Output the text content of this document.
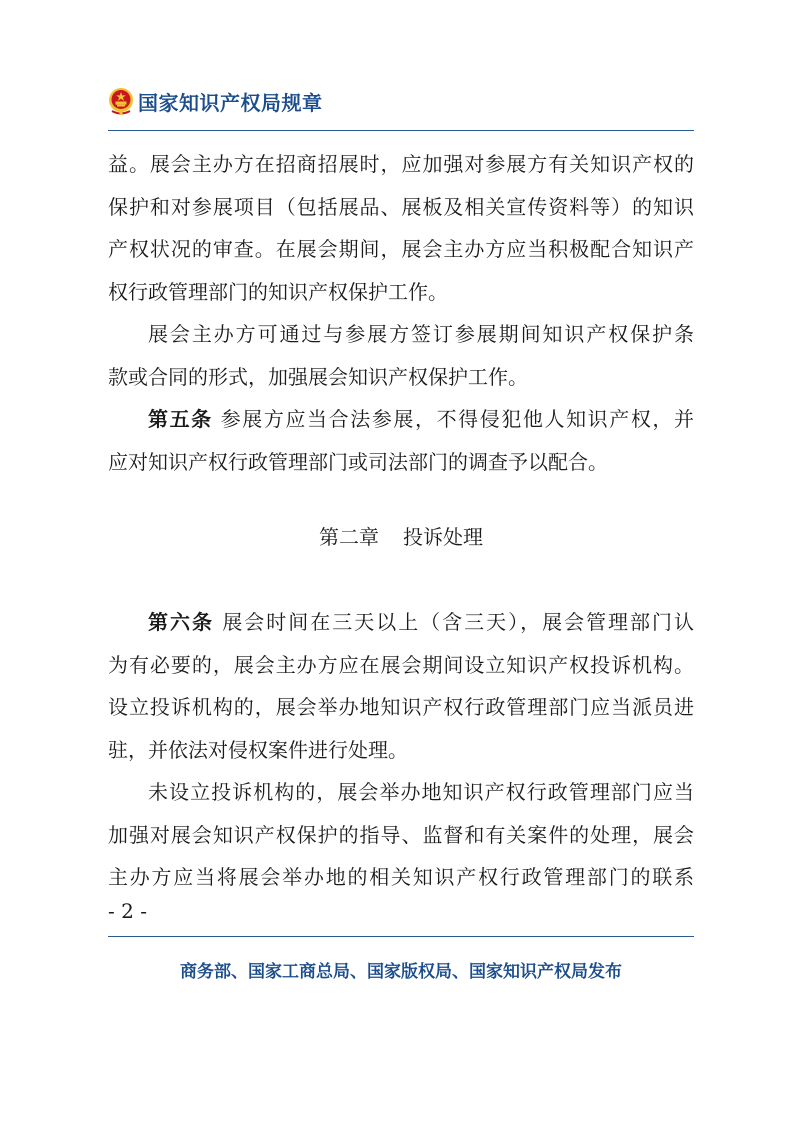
国家知识产权局规章
益。展会主办方在招商招展时，应加强对参展方有关知识产权的
保护和对参展项目（包括展品、展板及相关宣传资料等）的知识
产权状况的审查。在展会期间，展会主办方应当积极配合知识产
权行政管理部门的知识产权保护工作。
展会主办方可通过与参展方签订参展期间知识产权保护条
款或合同的形式，加强展会知识产权保护工作。
第五条 参展方应当合法参展，不得侵犯他人知识产权，并
应对知识产权行政管理部门或司法部门的调查予以配合。
第二章 投诉处理
第六条 展会时间在三天以上（含三天），展会管理部门认
为有必要的，展会主办方应在展会期间设立知识产权投诉机构。
设立投诉机构的，展会举办地知识产权行政管理部门应当派员进
驻，并依法对侵权案件进行处理。
未设立投诉机构的，展会举办地知识产权行政管理部门应当
加强对展会知识产权保护的指导、监督和有关案件的处理，展会
主办方应当将展会举办地的相关知识产权行政管理部门的联系
- 2 -
商务部、国家工商总局、国家版权局、国家知识产权局发布
